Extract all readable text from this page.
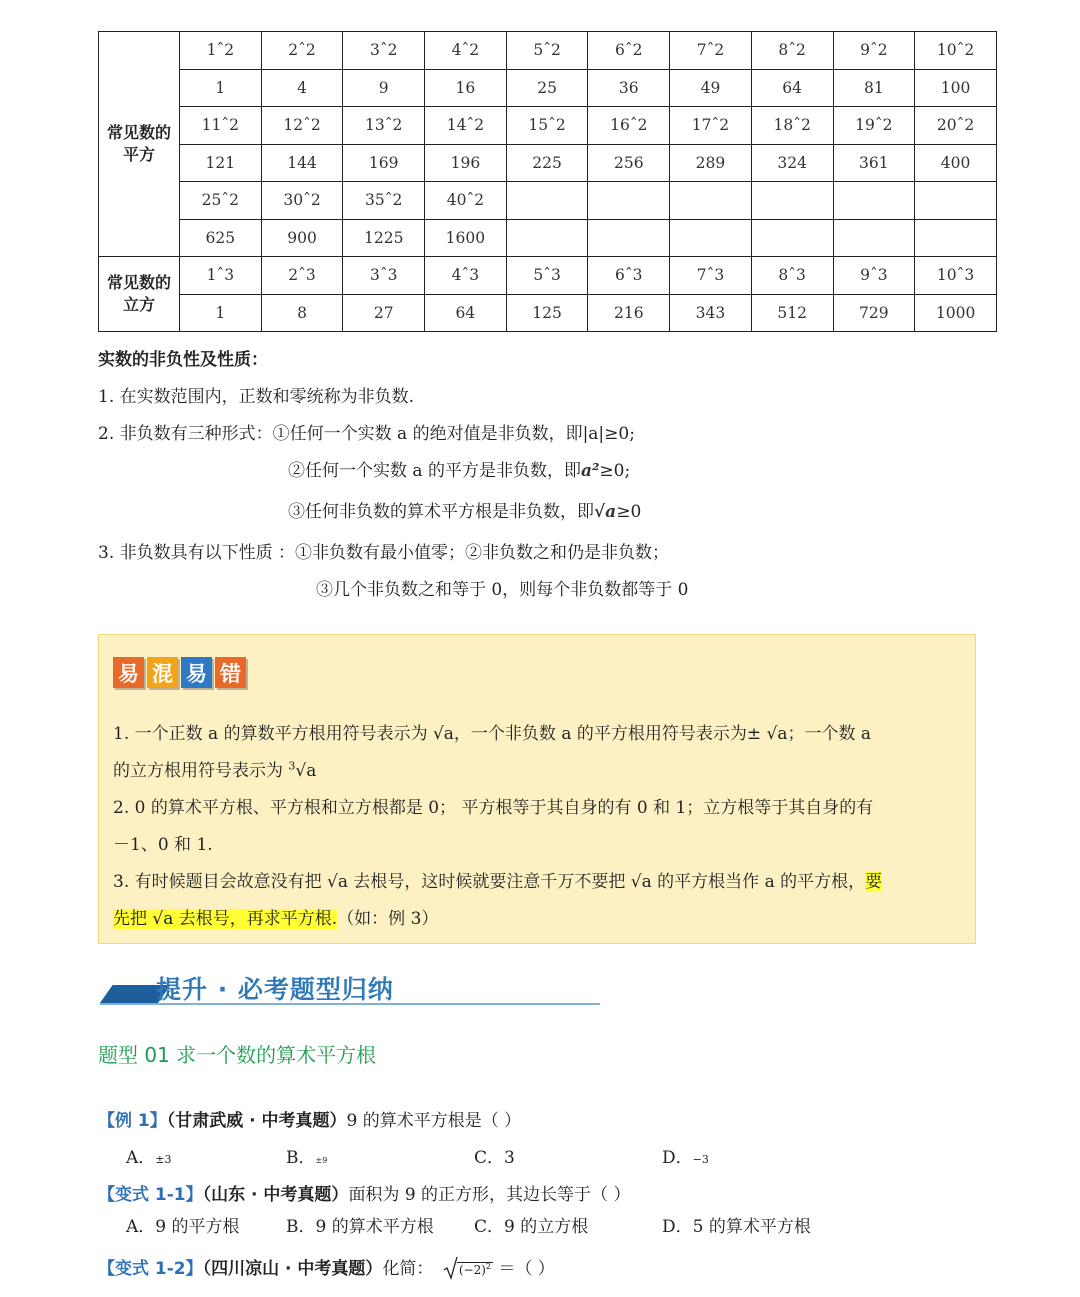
常见数的
平方	1ˆ2	2ˆ2	3ˆ2	4ˆ2	5ˆ2	6ˆ2	7ˆ2	8ˆ2	9ˆ2	10ˆ2
	1	4	9	16	25	36	49	64	81	100
	11ˆ2	12ˆ2	13ˆ2	14ˆ2	15ˆ2	16ˆ2	17ˆ2	18ˆ2	19ˆ2	20ˆ2
	121	144	169	196	225	256	289	324	361	400
	25ˆ2	30ˆ2	35ˆ2	40ˆ2						
	625	900	1225	1600						
常见数的
立方	1ˆ3	2ˆ3	3ˆ3	4ˆ3	5ˆ3	6ˆ3	7ˆ3	8ˆ3	9ˆ3	10ˆ3
	1	8	27	64	125	216	343	512	729	1000
实数的非负性及性质：
1. 在实数范围内，正数和零统称为非负数.
2. 非负数有三种形式：①任何一个实数 a 的绝对值是非负数，即|a|≥0;
②任何一个实数 a 的平方是非负数，即a²≥0;
③任何非负数的算术平方根是非负数，即√a≥0
3. 非负数具有以下性质 ：①非负数有最小值零；②非负数之和仍是非负数；
③几个非负数之和等于 0，则每个非负数都等于 0
易 混 易 错
1. 一个正数 a 的算数平方根用符号表示为 √a，一个非负数 a 的平方根用符号表示为± √a；一个数 a
的立方根用符号表示为 $^3$√a
2. 0 的算术平方根、平方根和立方根都是 0； 平方根等于其自身的有 0 和 1；立方根等于其自身的有
－1、0 和 1.
3. 有时候题目会故意没有把 √a 去根号，这时候就要注意千万不要把 √a 的平方根当作 a 的平方根，要
先把 √a 去根号，再求平方根.（如：例 3）
提升 · 必考题型归纳
题型 01 求一个数的算术平方根
【例 1】（甘肃武威 · 中考真题）9 的算术平方根是（ ）
A．±3	B．±9	C．3	D．−3
【变式 1-1】（山东 · 中考真题）面积为 9 的正方形，其边长等于（ ）
A．9 的平方根	B．9 的算术平方根 C．9 的立方根	D．5 的算术平方根
【变式 1-2】（四川凉山 · 中考真题）化简： $(-2)^2$ ＝（ ）
